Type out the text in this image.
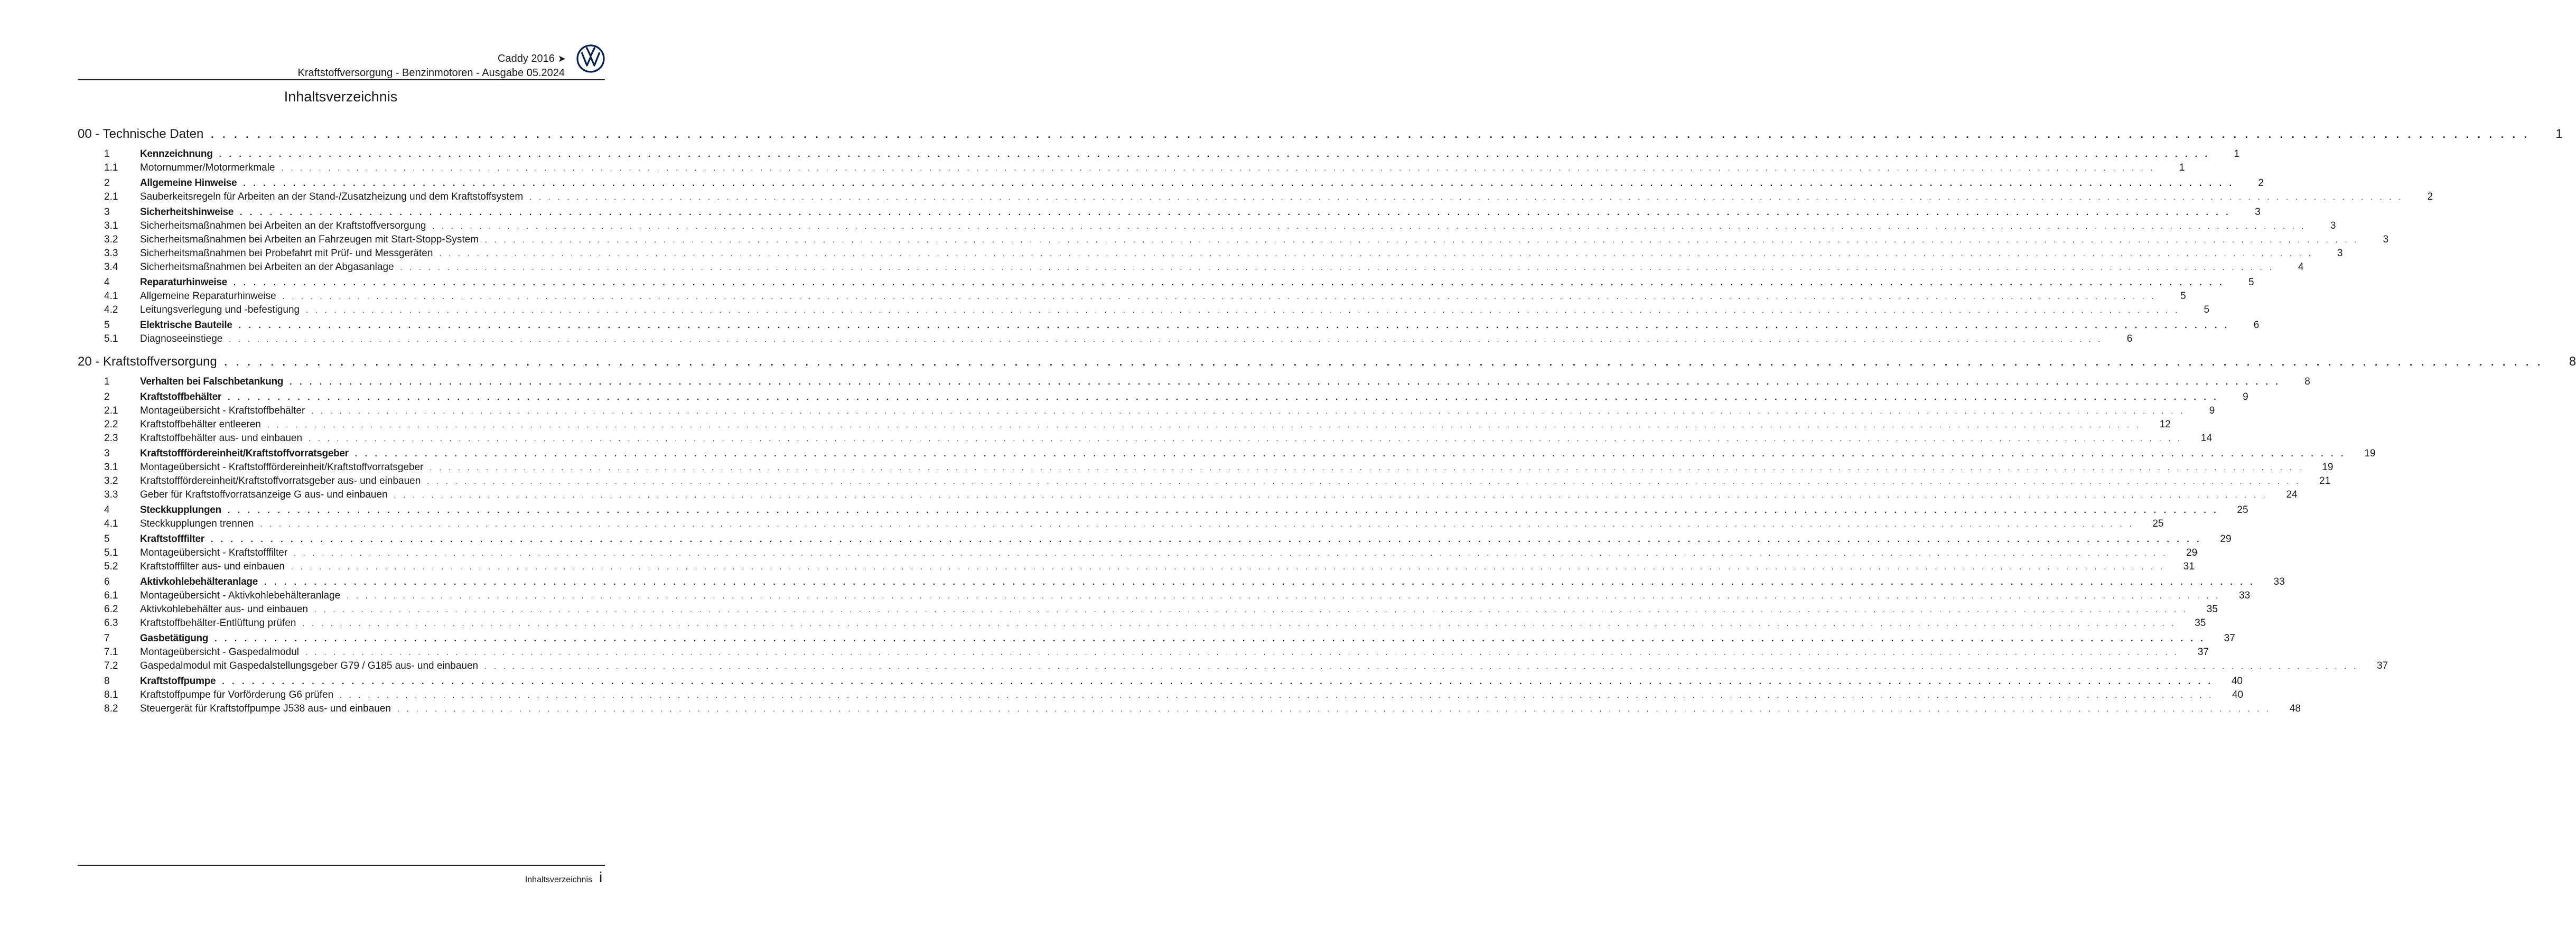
Caddy 2016 ➤
Kraftstoffversorgung - Benzinmotoren - Ausgabe 05.2024
Inhaltsverzeichnis
00 - Technische Daten . . . . . . . . . . . . . . . . . . . . . . . . . . . . . . . . . . . . . . . . . . . . . . . . . . . . . . . . . . . . . . . . . . . . . . . . . . . . . . . . . . . . . . . . . . . . . . . . . . . . . . . . . . . . . . . . . . . . . . . . . . . . . . . . . . . . . . . . . . . . . . . . . . . . . . . . . . . . . . . . . . . . . . . . . . . . . . . . . . . . . . . . . . . . . . . . . . . . . . . .	1
1	Kennzeichnung . . . . . . . . . . . . . . . . . . . . . . . . . . . . . . . . . . . . . . . . . . . . . . . . . . . . . . . . . . . . . . . . . . . . . . . . . . . . . . . . . . . . . . . . . . . . . . . . . . . . . . . . . . . . . . . . . . . . . . . . . . . . . . . . . . . . . . . . . . . . . . . . . . . . . . . . . . . . . . . . . . . . . . . . . . . . . . . . . . . . . . . . . . . . . . . . . . . . . . . .	1
1.1	Motornummer/Motormerkmale . . . . . . . . . . . . . . . . . . . . . . . . . . . . . . . . . . . . . . . . . . . . . . . . . . . . . . . . . . . . . . . . . . . . . . . . . . . . . . . . . . . . . . . . . . . . . . . . . . . . . . . . . . . . . . . . . . . . . . . . . . . . . . . . . . . . . . . . . . . . . . . . . . . . . . . . . . . . . . . . . . . . . . . . . . . . . . . . . . . . . . . . . . . . . . . . . . . . . . . .	1
2	Allgemeine Hinweise . . . . . . . . . . . . . . . . . . . . . . . . . . . . . . . . . . . . . . . . . . . . . . . . . . . . . . . . . . . . . . . . . . . . . . . . . . . . . . . . . . . . . . . . . . . . . . . . . . . . . . . . . . . . . . . . . . . . . . . . . . . . . . . . . . . . . . . . . . . . . . . . . . . . . . . . . . . . . . . . . . . . . . . . . . . . . . . . . . . . . . . . . . . . . . . . . . . . . . . .	2
2.1	Sauberkeitsregeln für Arbeiten an der Stand-/Zusatzheizung und dem Kraftstoffsystem . . . . . . . . . . . . . . . . . . . . . . . . . . . . . . . . . . . . . . . . . . . . . . . . . . . . . . . . . . . . . . . . . . . . . . . . . . . . . . . . . . . . . . . . . . . . . . . . . . . . . . . . . . . . . . . . . . . . . . . . . . . . . . . . . . . . . . . . . . . . . . . . . . . . . . . . . . . . . . . . . . . . . . . . . . . . . . . . . . . . . . . . . . . . . . . . . . . . . . . .	2
3	Sicherheitshinweise . . . . . . . . . . . . . . . . . . . . . . . . . . . . . . . . . . . . . . . . . . . . . . . . . . . . . . . . . . . . . . . . . . . . . . . . . . . . . . . . . . . . . . . . . . . . . . . . . . . . . . . . . . . . . . . . . . . . . . . . . . . . . . . . . . . . . . . . . . . . . . . . . . . . . . . . . . . . . . . . . . . . . . . . . . . . . . . . . . . . . . . . . . . . . . . . . . . . . . . .	3
3.1	Sicherheitsmaßnahmen bei Arbeiten an der Kraftstoffversorgung . . . . . . . . . . . . . . . . . . . . . . . . . . . . . . . . . . . . . . . . . . . . . . . . . . . . . . . . . . . . . . . . . . . . . . . . . . . . . . . . . . . . . . . . . . . . . . . . . . . . . . . . . . . . . . . . . . . . . . . . . . . . . . . . . . . . . . . . . . . . . . . . . . . . . . . . . . . . . . . . . . . . . . . . . . . . . . . . . . . . . . . . . . . . . . . . . . . . . . . .	3
3.2	Sicherheitsmaßnahmen bei Arbeiten an Fahrzeugen mit Start-Stopp-System . . . . . . . . . . . . . . . . . . . . . . . . . . . . . . . . . . . . . . . . . . . . . . . . . . . . . . . . . . . . . . . . . . . . . . . . . . . . . . . . . . . . . . . . . . . . . . . . . . . . . . . . . . . . . . . . . . . . . . . . . . . . . . . . . . . . . . . . . . . . . . . . . . . . . . . . . . . . . . . . . . . . . . . . . . . . . . . . . . . . . . . . . . . . . . . . . . . . . . . .	3
3.3	Sicherheitsmaßnahmen bei Probefahrt mit Prüf- und Messgeräten . . . . . . . . . . . . . . . . . . . . . . . . . . . . . . . . . . . . . . . . . . . . . . . . . . . . . . . . . . . . . . . . . . . . . . . . . . . . . . . . . . . . . . . . . . . . . . . . . . . . . . . . . . . . . . . . . . . . . . . . . . . . . . . . . . . . . . . . . . . . . . . . . . . . . . . . . . . . . . . . . . . . . . . . . . . . . . . . . . . . . . . . . . . . . . . . . . . . . . . .	3
3.4	Sicherheitsmaßnahmen bei Arbeiten an der Abgasanlage . . . . . . . . . . . . . . . . . . . . . . . . . . . . . . . . . . . . . . . . . . . . . . . . . . . . . . . . . . . . . . . . . . . . . . . . . . . . . . . . . . . . . . . . . . . . . . . . . . . . . . . . . . . . . . . . . . . . . . . . . . . . . . . . . . . . . . . . . . . . . . . . . . . . . . . . . . . . . . . . . . . . . . . . . . . . . . . . . . . . . . . . . . . . . . . . . . . . . . . .	4
4	Reparaturhinweise . . . . . . . . . . . . . . . . . . . . . . . . . . . . . . . . . . . . . . . . . . . . . . . . . . . . . . . . . . . . . . . . . . . . . . . . . . . . . . . . . . . . . . . . . . . . . . . . . . . . . . . . . . . . . . . . . . . . . . . . . . . . . . . . . . . . . . . . . . . . . . . . . . . . . . . . . . . . . . . . . . . . . . . . . . . . . . . . . . . . . . . . . . . . . . . . . . . . . . . .	5
4.1	Allgemeine Reparaturhinweise . . . . . . . . . . . . . . . . . . . . . . . . . . . . . . . . . . . . . . . . . . . . . . . . . . . . . . . . . . . . . . . . . . . . . . . . . . . . . . . . . . . . . . . . . . . . . . . . . . . . . . . . . . . . . . . . . . . . . . . . . . . . . . . . . . . . . . . . . . . . . . . . . . . . . . . . . . . . . . . . . . . . . . . . . . . . . . . . . . . . . . . . . . . . . . . . . . . . . . . .	5
4.2	Leitungsverlegung und -befestigung . . . . . . . . . . . . . . . . . . . . . . . . . . . . . . . . . . . . . . . . . . . . . . . . . . . . . . . . . . . . . . . . . . . . . . . . . . . . . . . . . . . . . . . . . . . . . . . . . . . . . . . . . . . . . . . . . . . . . . . . . . . . . . . . . . . . . . . . . . . . . . . . . . . . . . . . . . . . . . . . . . . . . . . . . . . . . . . . . . . . . . . . . . . . . . . . . . . . . . . .	5
5	Elektrische Bauteile . . . . . . . . . . . . . . . . . . . . . . . . . . . . . . . . . . . . . . . . . . . . . . . . . . . . . . . . . . . . . . . . . . . . . . . . . . . . . . . . . . . . . . . . . . . . . . . . . . . . . . . . . . . . . . . . . . . . . . . . . . . . . . . . . . . . . . . . . . . . . . . . . . . . . . . . . . . . . . . . . . . . . . . . . . . . . . . . . . . . . . . . . . . . . . . . . . . . . . . .	6
5.1	Diagnoseeinstiege . . . . . . . . . . . . . . . . . . . . . . . . . . . . . . . . . . . . . . . . . . . . . . . . . . . . . . . . . . . . . . . . . . . . . . . . . . . . . . . . . . . . . . . . . . . . . . . . . . . . . . . . . . . . . . . . . . . . . . . . . . . . . . . . . . . . . . . . . . . . . . . . . . . . . . . . . . . . . . . . . . . . . . . . . . . . . . . . . . . . . . . . . . . . . . . . . . . . . . . .	6
20 - Kraftstoffversorgung . . . . . . . . . . . . . . . . . . . . . . . . . . . . . . . . . . . . . . . . . . . . . . . . . . . . . . . . . . . . . . . . . . . . . . . . . . . . . . . . . . . . . . . . . . . . . . . . . . . . . . . . . . . . . . . . . . . . . . . . . . . . . . . . . . . . . . . . . . . . . . . . . . . . . . . . . . . . . . . . . . . . . . . . . . . . . . . . . . . . . . . . . . . . . . . . . . . . . . . .	8
1	Verhalten bei Falschbetankung . . . . . . . . . . . . . . . . . . . . . . . . . . . . . . . . . . . . . . . . . . . . . . . . . . . . . . . . . . . . . . . . . . . . . . . . . . . . . . . . . . . . . . . . . . . . . . . . . . . . . . . . . . . . . . . . . . . . . . . . . . . . . . . . . . . . . . . . . . . . . . . . . . . . . . . . . . . . . . . . . . . . . . . . . . . . . . . . . . . . . . . . . . . . . . . . . . . . . . . .	8
2	Kraftstoffbehälter . . . . . . . . . . . . . . . . . . . . . . . . . . . . . . . . . . . . . . . . . . . . . . . . . . . . . . . . . . . . . . . . . . . . . . . . . . . . . . . . . . . . . . . . . . . . . . . . . . . . . . . . . . . . . . . . . . . . . . . . . . . . . . . . . . . . . . . . . . . . . . . . . . . . . . . . . . . . . . . . . . . . . . . . . . . . . . . . . . . . . . . . . . . . . . . . . . . . . . . .	9
2.1	Montageübersicht - Kraftstoffbehälter . . . . . . . . . . . . . . . . . . . . . . . . . . . . . . . . . . . . . . . . . . . . . . . . . . . . . . . . . . . . . . . . . . . . . . . . . . . . . . . . . . . . . . . . . . . . . . . . . . . . . . . . . . . . . . . . . . . . . . . . . . . . . . . . . . . . . . . . . . . . . . . . . . . . . . . . . . . . . . . . . . . . . . . . . . . . . . . . . . . . . . . . . . . . . . . . . . . . . . . .	9
2.2	Kraftstoffbehälter entleeren . . . . . . . . . . . . . . . . . . . . . . . . . . . . . . . . . . . . . . . . . . . . . . . . . . . . . . . . . . . . . . . . . . . . . . . . . . . . . . . . . . . . . . . . . . . . . . . . . . . . . . . . . . . . . . . . . . . . . . . . . . . . . . . . . . . . . . . . . . . . . . . . . . . . . . . . . . . . . . . . . . . . . . . . . . . . . . . . . . . . . . . . . . . . . . . . . . . . . . . . 12
2.3	Kraftstoffbehälter aus- und einbauen . . . . . . . . . . . . . . . . . . . . . . . . . . . . . . . . . . . . . . . . . . . . . . . . . . . . . . . . . . . . . . . . . . . . . . . . . . . . . . . . . . . . . . . . . . . . . . . . . . . . . . . . . . . . . . . . . . . . . . . . . . . . . . . . . . . . . . . . . . . . . . . . . . . . . . . . . . . . . . . . . . . . . . . . . . . . . . . . . . . . . . . . . . . . . . . . . . . . . . . . 14
3	Kraftstofffördereinheit/Kraftstoffvorratsgeber . . . . . . . . . . . . . . . . . . . . . . . . . . . . . . . . . . . . . . . . . . . . . . . . . . . . . . . . . . . . . . . . . . . . . . . . . . . . . . . . . . . . . . . . . . . . . . . . . . . . . . . . . . . . . . . . . . . . . . . . . . . . . . . . . . . . . . . . . . . . . . . . . . . . . . . . . . . . . . . . . . . . . . . . . . . . . . . . . . . . . . . . . . . . . . . . . . . . . . . . 19
3.1	Montageübersicht - Kraftstofffördereinheit/Kraftstoffvorratsgeber . . . . . . . . . . . . . . . . . . . . . . . . . . . . . . . . . . . . . . . . . . . . . . . . . . . . . . . . . . . . . . . . . . . . . . . . . . . . . . . . . . . . . . . . . . . . . . . . . . . . . . . . . . . . . . . . . . . . . . . . . . . . . . . . . . . . . . . . . . . . . . . . . . . . . . . . . . . . . . . . . . . . . . . . . . . . . . . . . . . . . . . . . . . . . . . . . . . . . . . . 19
3.2	Kraftstofffördereinheit/Kraftstoffvorratsgeber aus- und einbauen . . . . . . . . . . . . . . . . . . . . . . . . . . . . . . . . . . . . . . . . . . . . . . . . . . . . . . . . . . . . . . . . . . . . . . . . . . . . . . . . . . . . . . . . . . . . . . . . . . . . . . . . . . . . . . . . . . . . . . . . . . . . . . . . . . . . . . . . . . . . . . . . . . . . . . . . . . . . . . . . . . . . . . . . . . . . . . . . . . . . . . . . . . . . . . . . . . . . . . . . 21
3.3	Geber für Kraftstoffvorratsanzeige G aus- und einbauen . . . . . . . . . . . . . . . . . . . . . . . . . . . . . . . . . . . . . . . . . . . . . . . . . . . . . . . . . . . . . . . . . . . . . . . . . . . . . . . . . . . . . . . . . . . . . . . . . . . . . . . . . . . . . . . . . . . . . . . . . . . . . . . . . . . . . . . . . . . . . . . . . . . . . . . . . . . . . . . . . . . . . . . . . . . . . . . . . . . . . . . . . . . . . . . . . . . . . . . . 24
4	Steckkupplungen . . . . . . . . . . . . . . . . . . . . . . . . . . . . . . . . . . . . . . . . . . . . . . . . . . . . . . . . . . . . . . . . . . . . . . . . . . . . . . . . . . . . . . . . . . . . . . . . . . . . . . . . . . . . . . . . . . . . . . . . . . . . . . . . . . . . . . . . . . . . . . . . . . . . . . . . . . . . . . . . . . . . . . . . . . . . . . . . . . . . . . . . . . . . . . . . . . . . . . . . 25
4.1	Steckkupplungen trennen . . . . . . . . . . . . . . . . . . . . . . . . . . . . . . . . . . . . . . . . . . . . . . . . . . . . . . . . . . . . . . . . . . . . . . . . . . . . . . . . . . . . . . . . . . . . . . . . . . . . . . . . . . . . . . . . . . . . . . . . . . . . . . . . . . . . . . . . . . . . . . . . . . . . . . . . . . . . . . . . . . . . . . . . . . . . . . . . . . . . . . . . . . . . . . . . . . . . . . . . 25
5	Kraftstofffilter . . . . . . . . . . . . . . . . . . . . . . . . . . . . . . . . . . . . . . . . . . . . . . . . . . . . . . . . . . . . . . . . . . . . . . . . . . . . . . . . . . . . . . . . . . . . . . . . . . . . . . . . . . . . . . . . . . . . . . . . . . . . . . . . . . . . . . . . . . . . . . . . . . . . . . . . . . . . . . . . . . . . . . . . . . . . . . . . . . . . . . . . . . . . . . . . . . . . . . . . 29
5.1	Montageübersicht - Kraftstofffilter . . . . . . . . . . . . . . . . . . . . . . . . . . . . . . . . . . . . . . . . . . . . . . . . . . . . . . . . . . . . . . . . . . . . . . . . . . . . . . . . . . . . . . . . . . . . . . . . . . . . . . . . . . . . . . . . . . . . . . . . . . . . . . . . . . . . . . . . . . . . . . . . . . . . . . . . . . . . . . . . . . . . . . . . . . . . . . . . . . . . . . . . . . . . . . . . . . . . . . . . 29
5.2	Kraftstofffilter aus- und einbauen . . . . . . . . . . . . . . . . . . . . . . . . . . . . . . . . . . . . . . . . . . . . . . . . . . . . . . . . . . . . . . . . . . . . . . . . . . . . . . . . . . . . . . . . . . . . . . . . . . . . . . . . . . . . . . . . . . . . . . . . . . . . . . . . . . . . . . . . . . . . . . . . . . . . . . . . . . . . . . . . . . . . . . . . . . . . . . . . . . . . . . . . . . . . . . . . . . . . . . . . 31
6	Aktivkohlebehälteranlage . . . . . . . . . . . . . . . . . . . . . . . . . . . . . . . . . . . . . . . . . . . . . . . . . . . . . . . . . . . . . . . . . . . . . . . . . . . . . . . . . . . . . . . . . . . . . . . . . . . . . . . . . . . . . . . . . . . . . . . . . . . . . . . . . . . . . . . . . . . . . . . . . . . . . . . . . . . . . . . . . . . . . . . . . . . . . . . . . . . . . . . . . . . . . . . . . . . . . . . . 33
6.1	Montageübersicht - Aktivkohlebehälteranlage . . . . . . . . . . . . . . . . . . . . . . . . . . . . . . . . . . . . . . . . . . . . . . . . . . . . . . . . . . . . . . . . . . . . . . . . . . . . . . . . . . . . . . . . . . . . . . . . . . . . . . . . . . . . . . . . . . . . . . . . . . . . . . . . . . . . . . . . . . . . . . . . . . . . . . . . . . . . . . . . . . . . . . . . . . . . . . . . . . . . . . . . . . . . . . . . . . . . . . . . 33
6.2	Aktivkohlebehälter aus- und einbauen . . . . . . . . . . . . . . . . . . . . . . . . . . . . . . . . . . . . . . . . . . . . . . . . . . . . . . . . . . . . . . . . . . . . . . . . . . . . . . . . . . . . . . . . . . . . . . . . . . . . . . . . . . . . . . . . . . . . . . . . . . . . . . . . . . . . . . . . . . . . . . . . . . . . . . . . . . . . . . . . . . . . . . . . . . . . . . . . . . . . . . . . . . . . . . . . . . . . . . . . 35
6.3	Kraftstoffbehälter-Entlüftung prüfen . . . . . . . . . . . . . . . . . . . . . . . . . . . . . . . . . . . . . . . . . . . . . . . . . . . . . . . . . . . . . . . . . . . . . . . . . . . . . . . . . . . . . . . . . . . . . . . . . . . . . . . . . . . . . . . . . . . . . . . . . . . . . . . . . . . . . . . . . . . . . . . . . . . . . . . . . . . . . . . . . . . . . . . . . . . . . . . . . . . . . . . . . . . . . . . . . . . . . . . . 35
7	Gasbetätigung . . . . . . . . . . . . . . . . . . . . . . . . . . . . . . . . . . . . . . . . . . . . . . . . . . . . . . . . . . . . . . . . . . . . . . . . . . . . . . . . . . . . . . . . . . . . . . . . . . . . . . . . . . . . . . . . . . . . . . . . . . . . . . . . . . . . . . . . . . . . . . . . . . . . . . . . . . . . . . . . . . . . . . . . . . . . . . . . . . . . . . . . . . . . . . . . . . . . . . . . 37
7.1	Montageübersicht - Gaspedalmodul . . . . . . . . . . . . . . . . . . . . . . . . . . . . . . . . . . . . . . . . . . . . . . . . . . . . . . . . . . . . . . . . . . . . . . . . . . . . . . . . . . . . . . . . . . . . . . . . . . . . . . . . . . . . . . . . . . . . . . . . . . . . . . . . . . . . . . . . . . . . . . . . . . . . . . . . . . . . . . . . . . . . . . . . . . . . . . . . . . . . . . . . . . . . . . . . . . . . . . . . 37
7.2	Gaspedalmodul mit Gaspedalstellungsgeber G79 / G185 aus- und einbauen . . . . . . . . . . . . . . . . . . . . . . . . . . . . . . . . . . . . . . . . . . . . . . . . . . . . . . . . . . . . . . . . . . . . . . . . . . . . . . . . . . . . . . . . . . . . . . . . . . . . . . . . . . . . . . . . . . . . . . . . . . . . . . . . . . . . . . . . . . . . . . . . . . . . . . . . . . . . . . . . . . . . . . . . . . . . . . . . . . . . . . . . . . . . . . . . . . . . . . . . 37
8	Kraftstoffpumpe . . . . . . . . . . . . . . . . . . . . . . . . . . . . . . . . . . . . . . . . . . . . . . . . . . . . . . . . . . . . . . . . . . . . . . . . . . . . . . . . . . . . . . . . . . . . . . . . . . . . . . . . . . . . . . . . . . . . . . . . . . . . . . . . . . . . . . . . . . . . . . . . . . . . . . . . . . . . . . . . . . . . . . . . . . . . . . . . . . . . . . . . . . . . . . . . . . . . . . . . 40
8.1	Kraftstoffpumpe für Vorförderung G6 prüfen . . . . . . . . . . . . . . . . . . . . . . . . . . . . . . . . . . . . . . . . . . . . . . . . . . . . . . . . . . . . . . . . . . . . . . . . . . . . . . . . . . . . . . . . . . . . . . . . . . . . . . . . . . . . . . . . . . . . . . . . . . . . . . . . . . . . . . . . . . . . . . . . . . . . . . . . . . . . . . . . . . . . . . . . . . . . . . . . . . . . . . . . . . . . . . . . . . . . . . . . 40
8.2	Steuergerät für Kraftstoffpumpe J538 aus- und einbauen . . . . . . . . . . . . . . . . . . . . . . . . . . . . . . . . . . . . . . . . . . . . . . . . . . . . . . . . . . . . . . . . . . . . . . . . . . . . . . . . . . . . . . . . . . . . . . . . . . . . . . . . . . . . . . . . . . . . . . . . . . . . . . . . . . . . . . . . . . . . . . . . . . . . . . . . . . . . . . . . . . . . . . . . . . . . . . . . . . . . . . . . . . . . . . . . . . . . . . . . 48
Inhaltsverzeichnis i
